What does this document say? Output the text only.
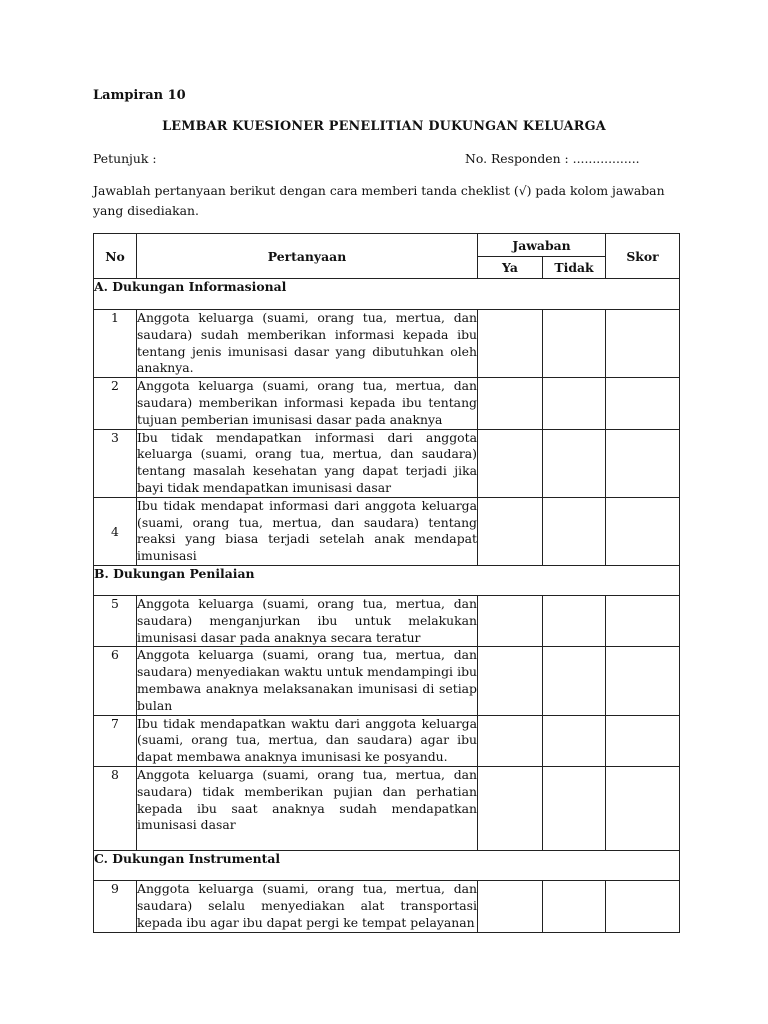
Lampiran 10
LEMBAR KUESIONER PENELITIAN DUKUNGAN KELUARGA
Petunjuk :	No. Responden : .................
Jawablah pertanyaan berikut dengan cara memberi tanda cheklist (√) pada kolom jawaban yang disediakan.
No	Pertanyaan	Jawaban		Skor
		Ya	Tidak	
A. Dukungan Informasional				
1	Anggota keluarga (suami, orang tua, mertua, dan saudara) sudah memberikan informasi kepada ibu tentang jenis imunisasi dasar yang dibutuhkan oleh anaknya.			
2	Anggota keluarga (suami, orang tua, mertua, dan saudara) memberikan informasi kepada ibu tentang tujuan pemberian imunisasi dasar pada anaknya			
3	Ibu tidak mendapatkan informasi dari anggota keluarga (suami, orang tua, mertua, dan saudara) tentang masalah kesehatan yang dapat terjadi jika bayi tidak mendapatkan imunisasi dasar			
4	Ibu tidak mendapat informasi dari anggota keluarga (suami, orang tua, mertua, dan saudara) tentang reaksi yang biasa terjadi setelah anak mendapat imunisasi			
B. Dukungan Penilaian				
5	Anggota keluarga (suami, orang tua, mertua, dan saudara) menganjurkan ibu untuk melakukan imunisasi dasar pada anaknya secara teratur			
6	Anggota keluarga (suami, orang tua, mertua, dan saudara) menyediakan waktu untuk mendampingi ibu membawa anaknya melaksanakan imunisasi di setiap bulan			
7	Ibu tidak mendapatkan waktu dari anggota keluarga (suami, orang tua, mertua, dan saudara) agar ibu dapat membawa anaknya imunisasi ke posyandu.			
8	Anggota keluarga (suami, orang tua, mertua, dan saudara) tidak memberikan pujian dan perhatian kepada ibu saat anaknya sudah mendapatkan imunisasi dasar			
C. Dukungan Instrumental				
9	Anggota keluarga (suami, orang tua, mertua, dan saudara) selalu menyediakan alat transportasi kepada ibu agar ibu dapat pergi ke tempat pelayanan			
